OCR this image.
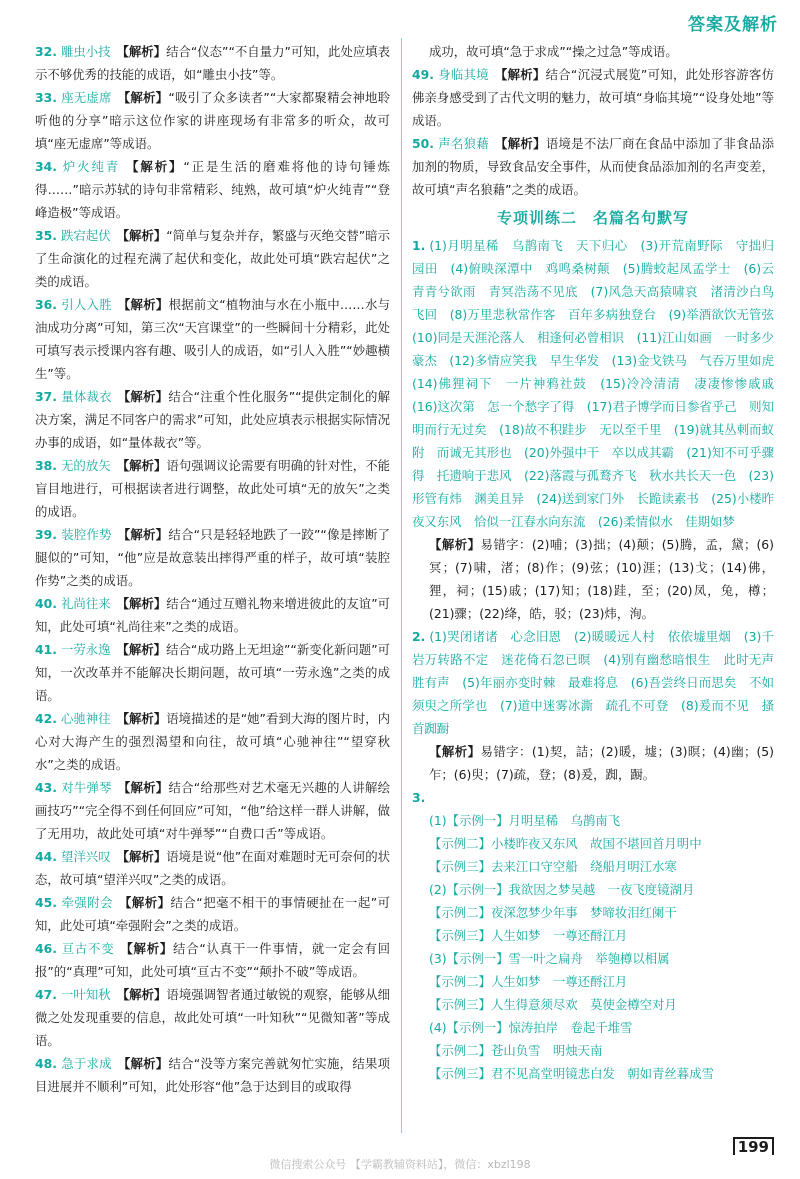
答案及解析

32. 雕虫小技 【解析】结合“仪态”“不自量力”可知，此处应填表示不够优秀的技能的成语，如“雕虫小技”等。

33. 座无虚席 【解析】“吸引了众多读者”“大家都聚精会神地聆听他的分享”暗示这位作家的讲座现场有非常多的听众，故可填“座无虚席”等成语。

34. 炉火纯青 【解析】“正是生活的磨难将他的诗句锤炼得……”暗示苏轼的诗句非常精彩、纯熟，故可填“炉火纯青”“登峰造极”等成语。

35. 跌宕起伏 【解析】“简单与复杂并存，繁盛与灭绝交替”暗示了生命演化的过程充满了起伏和变化，故此处可填“跌宕起伏”之类的成语。

36. 引人入胜 【解析】根据前文“植物油与水在小瓶中……水与油成功分离”可知，第三次“天宫课堂”的一些瞬间十分精彩，此处可填写表示授课内容有趣、吸引人的成语，如“引人入胜”“妙趣横生”等。

37. 量体裁衣 【解析】结合“注重个性化服务”“提供定制化的解决方案，满足不同客户的需求”可知，此处应填表示根据实际情况办事的成语，如“量体裁衣”等。

38. 无的放矢 【解析】语句强调议论需要有明确的针对性，不能盲目地进行，可根据读者进行调整，故此处可填“无的放矢”之类的成语。

39. 装腔作势 【解析】结合“只是轻轻地跌了一跤”“像是摔断了腿似的”可知，“他”应是故意装出摔得严重的样子，故可填“装腔作势”之类的成语。

40. 礼尚往来 【解析】结合“通过互赠礼物来增进彼此的友谊”可知，此处可填“礼尚往来”之类的成语。

41. 一劳永逸 【解析】结合“成功路上无坦途”“新变化新问题”可知，一次改革并不能解决长期问题，故可填“一劳永逸”之类的成语。

42. 心驰神往 【解析】语境描述的是“她”看到大海的图片时，内心对大海产生的强烈渴望和向往，故可填“心驰神往”“望穿秋水”之类的成语。

43. 对牛弹琴 【解析】结合“给那些对艺术毫无兴趣的人讲解绘画技巧”“完全得不到任何回应”可知，“他”给这样一群人讲解，做了无用功，故此处可填“对牛弹琴”“自费口舌”等成语。

44. 望洋兴叹 【解析】语境是说“他”在面对难题时无可奈何的状态，故可填“望洋兴叹”之类的成语。

45. 牵强附会 【解析】结合“把毫不相干的事情硬扯在一起”可知，此处可填“牵强附会”之类的成语。

46. 亘古不变 【解析】结合“认真干一件事情，就一定会有回报”的“真理”可知，此处可填“亘古不变”“颠扑不破”等成语。

47. 一叶知秋 【解析】语境强调智者通过敏锐的观察，能够从细微之处发现重要的信息，故此处可填“一叶知秋”“见微知著”等成语。

48. 急于求成 【解析】结合“没等方案完善就匆忙实施，结果项目进展并不顺利”可知，此处形容“他”急于达到目的或取得

成功，故可填“急于求成”“操之过急”等成语。

49. 身临其境 【解析】结合“沉浸式展览”可知，此处形容游客仿佛亲身感受到了古代文明的魅力，故可填“身临其境”“设身处地”等成语。

50. 声名狼藉 【解析】语境是不法厂商在食品中添加了非食品添加剂的物质，导致食品安全事件，从而使食品添加剂的名声变差，故可填“声名狼藉”之类的成语。

专项训练二　名篇名句默写

1. (1)月明星稀　乌鹊南飞　天下归心　(3)开荒南野际　守拙归园田　(4)俯映深潭中　鸡鸣桑树颠　(5)腾蛟起凤孟学士　(6)云青青兮欲雨　青冥浩荡不见底　(7)风急天高猿啸哀　渚清沙白鸟飞回　(8)万里悲秋常作客　百年多病独登台　(9)举酒欲饮无管弦　(10)同是天涯沦落人　相逢何必曾相识　(11)江山如画　一时多少豪杰　(12)多情应笑我　早生华发　(13)金戈铁马　气吞万里如虎　(14)佛狸祠下　一片神鸦社鼓　(15)冷冷清清　凄凄惨惨戚戚　(16)这次第　怎一个愁字了得　(17)君子博学而日参省乎己　则知明而行无过矣　(18)故不积跬步　无以至千里　(19)就其丛刺而蚁附　而诚无其形也　(20)外强中干　卒以成其霸　(21)知不可乎骤得　托遗响于悲风　(22)落霞与孤鹜齐飞　秋水共长天一色　(23)形管有炜　渊美且异　(24)送到家门外　长跪读素书　(25)小楼昨夜又东风　恰似一江春水向东流　(26)柔情似水　佳期如梦

【解析】易错字：(2)哺；(3)拙；(4)颠；(5)腾，孟，黛；(6)冥；(7)啸，渚；(8)作；(9)弦；(10)涯；(13)戈；(14)佛，狸，祠；(15)戚；(17)知；(18)跬，至；(20)凤，兔，樽；(21)骤；(22)绛，皓，驳；(23)炜，洵。

2. (1)哭闭诸诸　心念旧恩　(2)暖暖远人村　依依墟里烟　(3)千岩万转路不定　迷花倚石忽已暝　(4)别有幽愁暗恨生　此时无声胜有声　(5)年丽亦变时棘　最难将息　(6)吾尝终日而思矣　不如须臾之所学也　(7)道中迷雾冰澌　疏孔不可登　(8)爰而不见　搔首踟蹰

【解析】易错字：(1)契，詰；(2)暖，墟；(3)暝；(4)幽；(5)乍；(6)臾；(7)疏，登；(8)爰，踟，蹰。

3.
(1)【示例一】月明星稀　乌鹊南飞
【示例二】小楼昨夜又东风　故国不堪回首月明中
【示例三】去来江口守空船　绕船月明江水寒
(2)【示例一】我欲因之梦吴越　一夜飞度镜湖月
【示例二】夜深忽梦少年事　梦啼妆泪红阑干
【示例三】人生如梦　一尊还酹江月
(3)【示例一】雪一叶之扁舟　举匏樽以相属
【示例二】人生如梦　一尊还酹江月
【示例三】人生得意须尽欢　莫使金樽空对月
(4)【示例一】惊涛拍岸　卷起千堆雪
【示例二】苍山负雪　明烛天南
【示例三】君不见高堂明镜悲白发　朝如青丝暮成雪
199
微信搜索公众号 【学霸教辅资料站】，微信：xbzl198
